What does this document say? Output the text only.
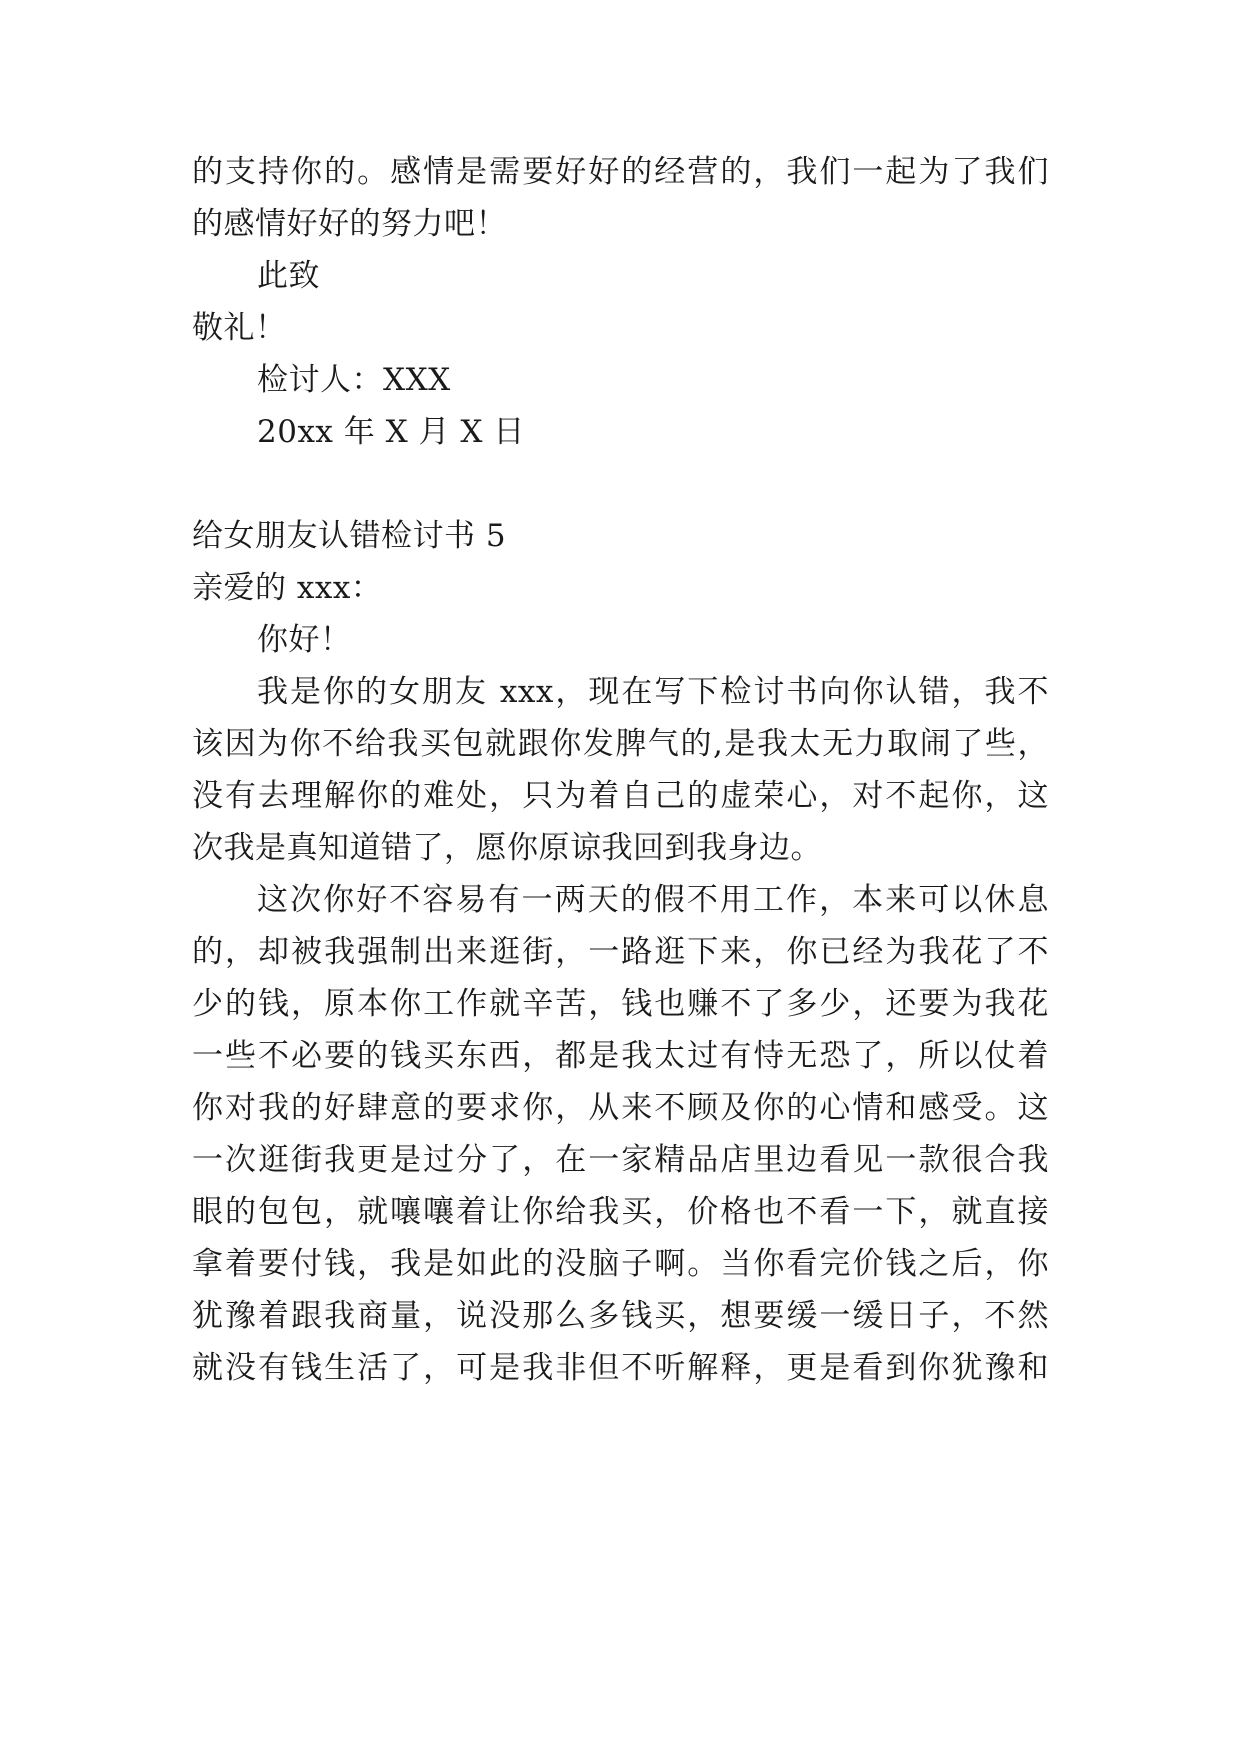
的支持你的。感情是需要好好的经营的，我们一起为了我们
的感情好好的努力吧！
此致
敬礼！
检讨人：XXX
20xx 年 X 月 X 日
给女朋友认错检讨书 5
亲爱的 xxx：
你好！
我是你的女朋友 xxx，现在写下检讨书向你认错，我不
该因为你不给我买包就跟你发脾气的,是我太无力取闹了些，
没有去理解你的难处，只为着自己的虚荣心，对不起你，这
次我是真知道错了，愿你原谅我回到我身边。
这次你好不容易有一两天的假不用工作，本来可以休息
的，却被我强制出来逛街，一路逛下来，你已经为我花了不
少的钱，原本你工作就辛苦，钱也赚不了多少，还要为我花
一些不必要的钱买东西，都是我太过有恃无恐了，所以仗着
你对我的好肆意的要求你，从来不顾及你的心情和感受。这
一次逛街我更是过分了，在一家精品店里边看见一款很合我
眼的包包，就嚷嚷着让你给我买，价格也不看一下，就直接
拿着要付钱，我是如此的没脑子啊。当你看完价钱之后，你
犹豫着跟我商量，说没那么多钱买，想要缓一缓日子，不然
就没有钱生活了，可是我非但不听解释，更是看到你犹豫和
